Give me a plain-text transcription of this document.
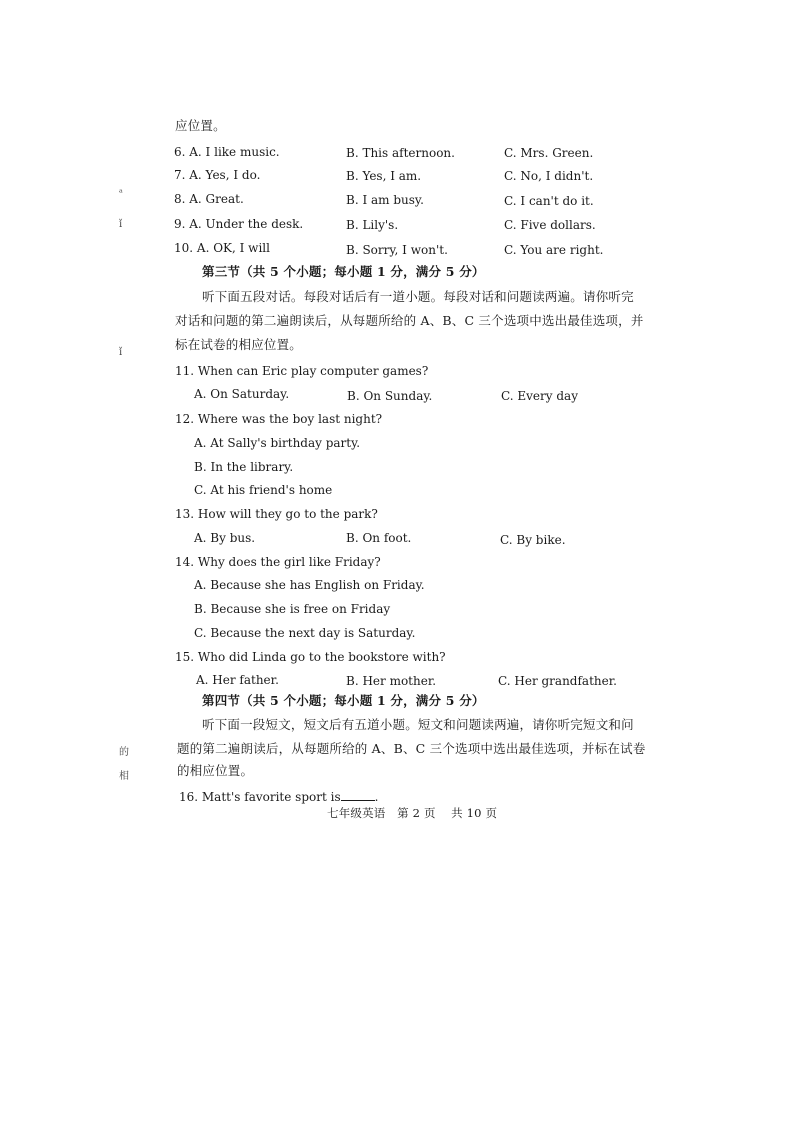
ᵃ
ǐ
ǐ
的
相
应位置。
6. A. I like music.	B. This afternoon.	C. Mrs. Green.
7. A. Yes, I do.	B. Yes, I am.	C. No, I didn't.
8. A. Great.	B. I am busy.	C. I can't do it.
9. A. Under the desk.	B. Lily's.	C. Five dollars.
10. A. OK, I will	B. Sorry, I won't.	C. You are right.
第三节（共 5 个小题；每小题 1 分，满分 5 分）
听下面五段对话。每段对话后有一道小题。每段对话和问题读两遍。请你听完
对话和问题的第二遍朗读后，从每题所给的 A、B、C 三个选项中选出最佳选项，并
标在试卷的相应位置。
11. When can Eric play computer games?
A. On Saturday.	B. On Sunday.	C. Every day
12. Where was the boy last night?
A. At Sally's birthday party.
B. In the library.
C. At his friend's home
13. How will they go to the park?
A. By bus.	B. On foot.	C. By bike.
14. Why does the girl like Friday?
A. Because she has English on Friday.
B. Because she is free on Friday
C. Because the next day is Saturday.
15. Who did Linda go to the bookstore with?
A. Her father.	B. Her mother.	C. Her grandfather.
第四节（共 5 个小题；每小题 1 分，满分 5 分）
听下面一段短文，短文后有五道小题。短文和问题读两遍，请你听完短文和问
题的第二遍朗读后，从每题所给的 A、B、C 三个选项中选出最佳选项，并标在试卷
的相应位置。
16. Matt's favorite sport is	.
七年级英语   第 2 页    共 10 页
